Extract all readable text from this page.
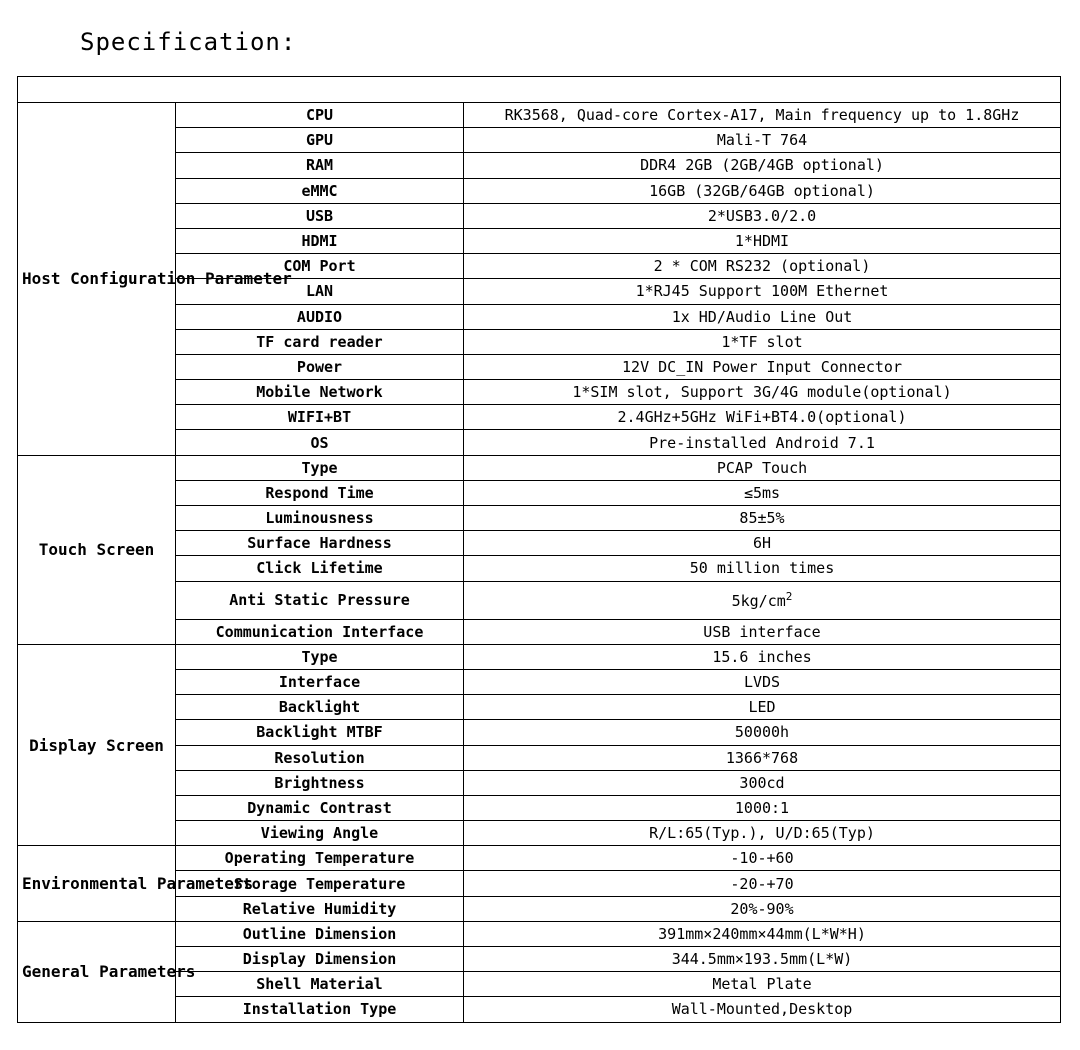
Specification:

Host Configuration Parameter	CPU	RK3568, Quad-core Cortex-A17, Main frequency up to 1.8GHz
	GPU	Mali-T 764
	RAM	DDR4 2GB (2GB/4GB optional)
	eMMC	16GB (32GB/64GB optional)
	USB	2*USB3.0/2.0
	HDMI	1*HDMI
	COM Port	2 * COM RS232 (optional)
	LAN	1*RJ45 Support 100M Ethernet
	AUDIO	1x HD/Audio Line Out
	TF card reader	1*TF slot
	Power	12V DC_IN Power Input Connector
	Mobile Network	1*SIM slot, Support 3G/4G module(optional)
	WIFI+BT	2.4GHz+5GHz WiFi+BT4.0(optional)
	OS	Pre-installed Android 7.1
Touch Screen	Type	PCAP Touch
	Respond Time	≤5ms
	Luminousness	85±5%
	Surface Hardness	6H
	Click Lifetime	50 million times
	Anti Static Pressure	$5kg/cm^2$
	Communication Interface	USB interface
Display Screen	Type	15.6 inches
	Interface	LVDS
	Backlight	LED
	Backlight MTBF	50000h
	Resolution	1366*768
	Brightness	300cd
	Dynamic Contrast	1000:1
	Viewing Angle	R/L:65(Typ.), U/D:65(Typ)
Environmental Parameters	Operating Temperature	-10-+60
	Storage Temperature	-20-+70
	Relative Humidity	20%-90%
General Parameters	Outline Dimension	391mm×240mm×44mm(L*W*H)
	Display Dimension	344.5mm×193.5mm(L*W)
	Shell Material	Metal Plate
	Installation Type	Wall-Mounted,Desktop
